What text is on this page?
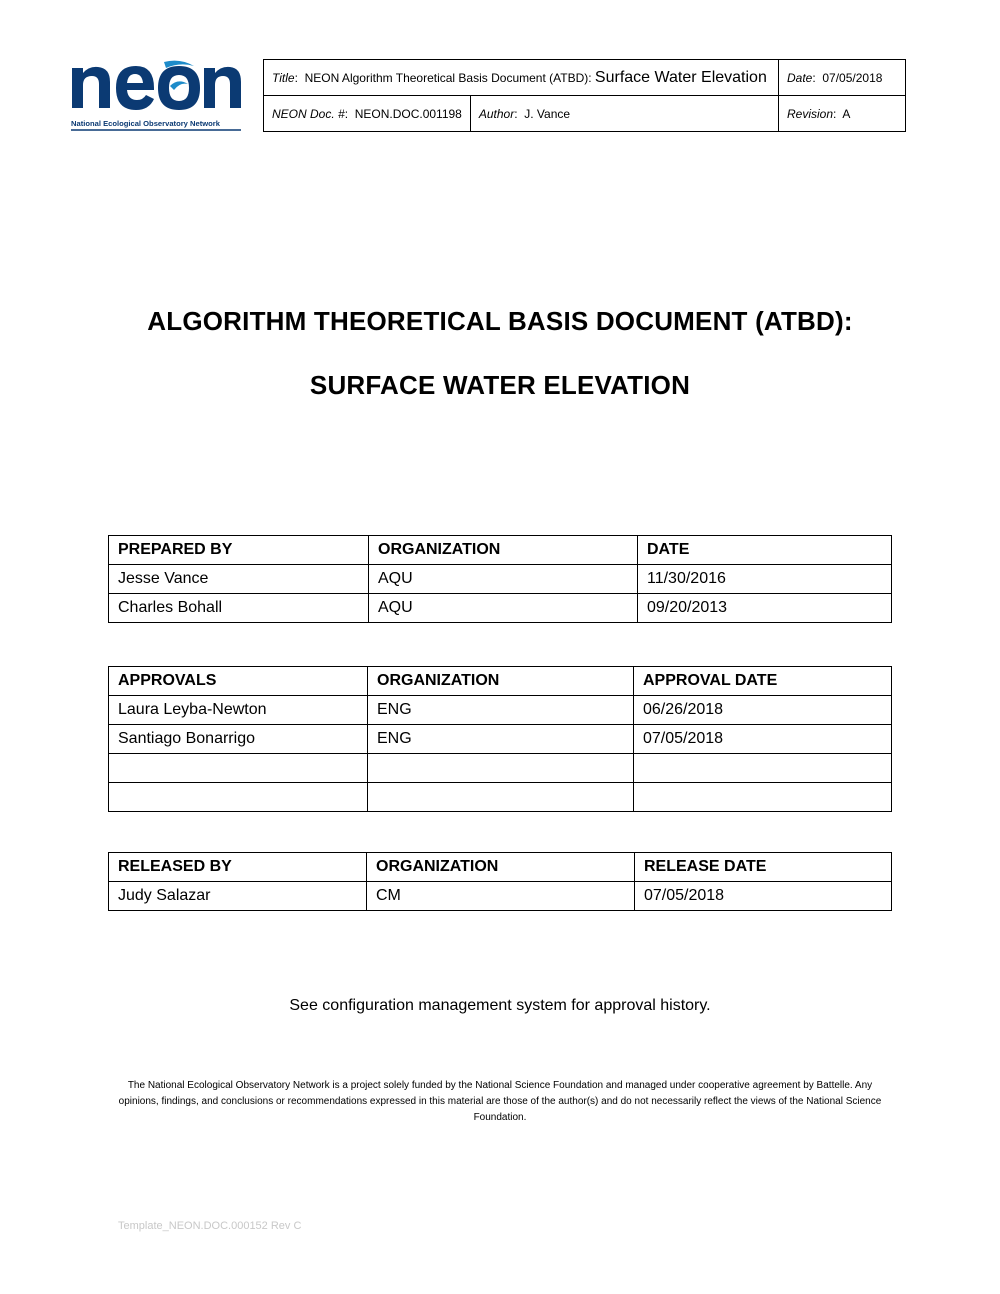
National Ecological Observatory Network
Title:  NEON Algorithm Theoretical Basis Document (ATBD): Surface Water Elevation		Date:  07/05/2018
NEON Doc. #:  NEON.DOC.001198	Author:  J. Vance	Revision:  A
ALGORITHM THEORETICAL BASIS DOCUMENT (ATBD):
SURFACE WATER ELEVATION
PREPARED BY	ORGANIZATION	DATE
Jesse Vance	AQU	11/30/2016
Charles Bohall	AQU	09/20/2013
APPROVALS	ORGANIZATION	APPROVAL DATE
Laura Leyba-Newton	ENG	06/26/2018
Santiago Bonarrigo	ENG	07/05/2018

RELEASED BY	ORGANIZATION	RELEASE DATE
Judy Salazar	CM	07/05/2018
See configuration management system for approval history.
The National Ecological Observatory Network is a project solely funded by the National Science Foundation and managed under cooperative agreement by Battelle. Any opinions, findings, and conclusions or recommendations expressed in this material are those of the author(s) and do not necessarily reflect the views of the National Science Foundation.
Template_NEON.DOC.000152 Rev C
